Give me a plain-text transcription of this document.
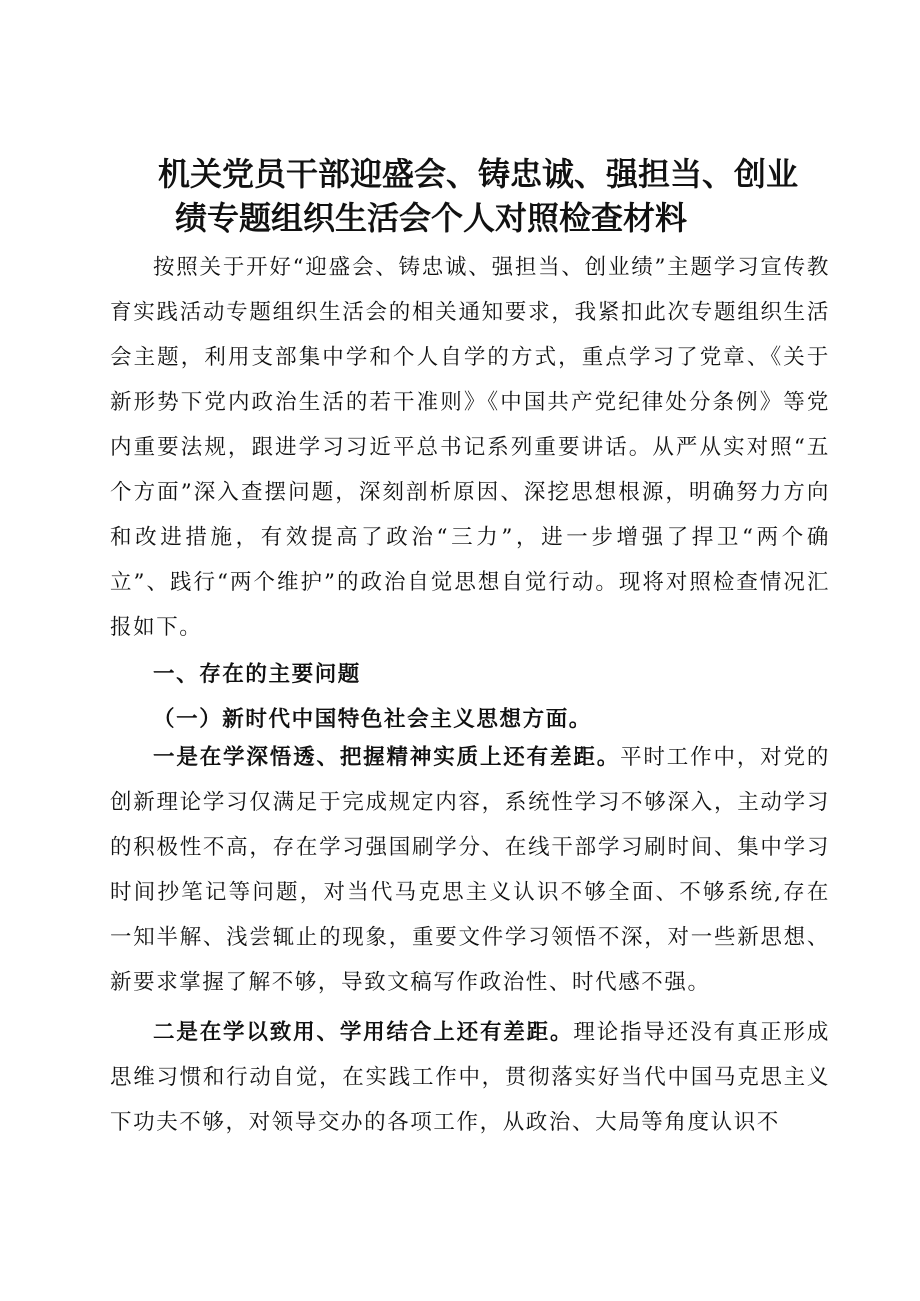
机关党员干部迎盛会、铸忠诚、强担当、创业
绩专题组织生活会个人对照检查材料
按照关于开好“迎盛会、铸忠诚、强担当、创业绩”主题学习宣传教育实践活动专题组织生活会的相关通知要求，我紧扣此次专题组织生活会主题，利用支部集中学和个人自学的方式，重点学习了党章、《关于新形势下党内政治生活的若干准则》《中国共产党纪律处分条例》等党内重要法规，跟进学习习近平总书记系列重要讲话。从严从实对照“五个方面”深入查摆问题，深刻剖析原因、深挖思想根源，明确努力方向和改进措施，有效提高了政治“三力”，进一步增强了捍卫“两个确立”、践行“两个维护”的政治自觉思想自觉行动。现将对照检查情况汇报如下。
一、存在的主要问题
（一）新时代中国特色社会主义思想方面。
一是在学深悟透、把握精神实质上还有差距。平时工作中，对党的创新理论学习仅满足于完成规定内容，系统性学习不够深入，主动学习的积极性不高，存在学习强国刷学分、在线干部学习刷时间、集中学习时间抄笔记等问题，对当代马克思主义认识不够全面、不够系统,存在一知半解、浅尝辄止的现象，重要文件学习领悟不深，对一些新思想、新要求掌握了解不够，导致文稿写作政治性、时代感不强。
二是在学以致用、学用结合上还有差距。理论指导还没有真正形成思维习惯和行动自觉，在实践工作中，贯彻落实好当代中国马克思主义下功夫不够，对领导交办的各项工作，从政治、大局等角度认识不
